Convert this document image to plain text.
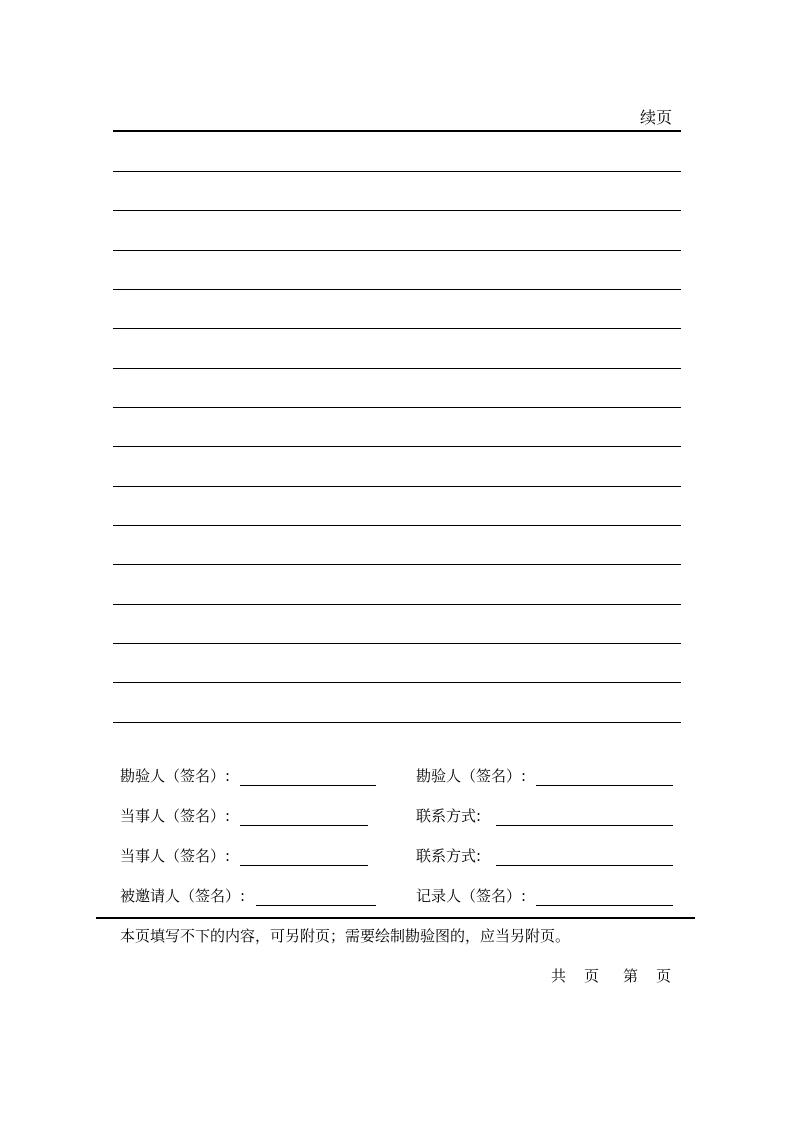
续页
勘验人（签名）:
当事人（签名）:
当事人（签名）:
被邀请人（签名）:
勘验人（签名）:
联系方式:
联系方式:
记录人（签名）:
本页填写不下的内容，可另附页；需要绘制勘验图的，应当另附页。
共 页 第 页
